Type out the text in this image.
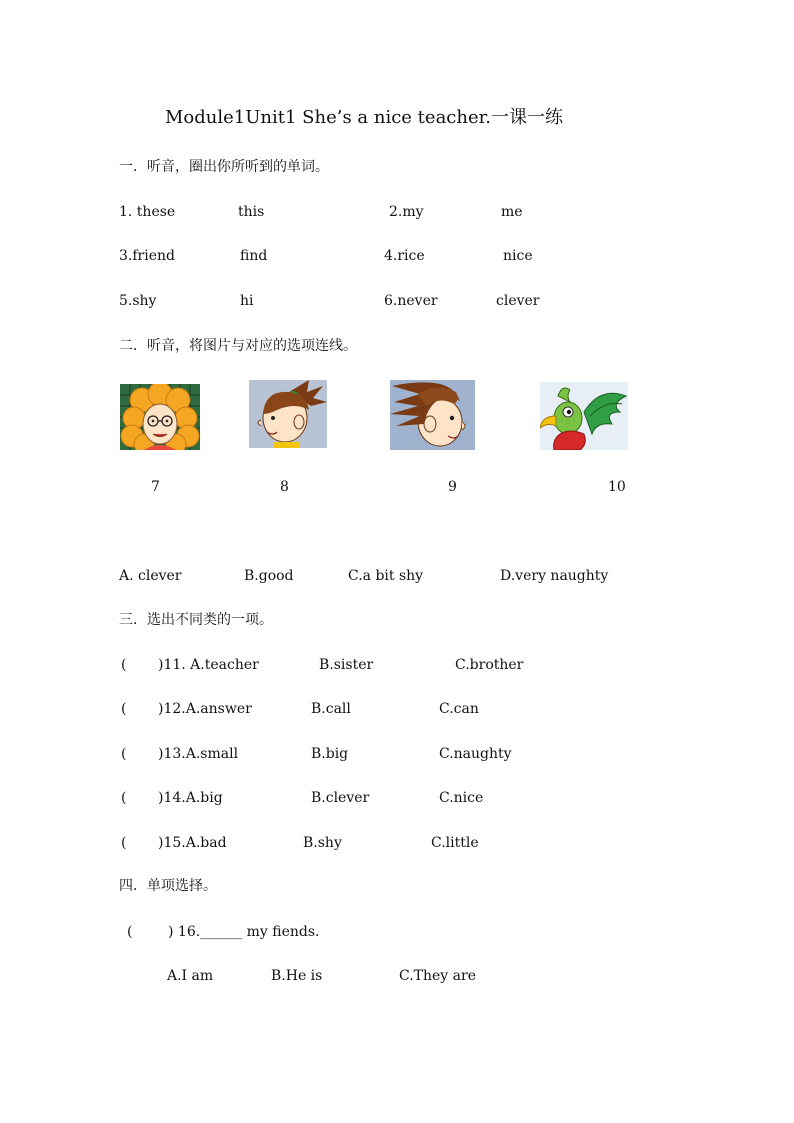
Module1Unit1 She’s a nice teacher.一课一练
一．听音，圈出你所听到的单词。
1. these	this	2.my	me
3.friend	find	4.rice	nice
5.shy	hi	6.never	clever
二．听音，将图片与对应的选项连线。
7	8	9	10
A. clever	B.good	C.a bit shy	D.very naughty
三．选出不同类的一项。
( )11. A.teacher	B.sister	C.brother
( )12.A.answer	B.call	C.can
( )13.A.small	B.big	C.naughty
( )14.A.big	B.clever	C.nice
( )15.A.bad	B.shy	C.little
四．单项选择。
(	) 16.______ my fiends.
A.I am	B.He is	C.They are
